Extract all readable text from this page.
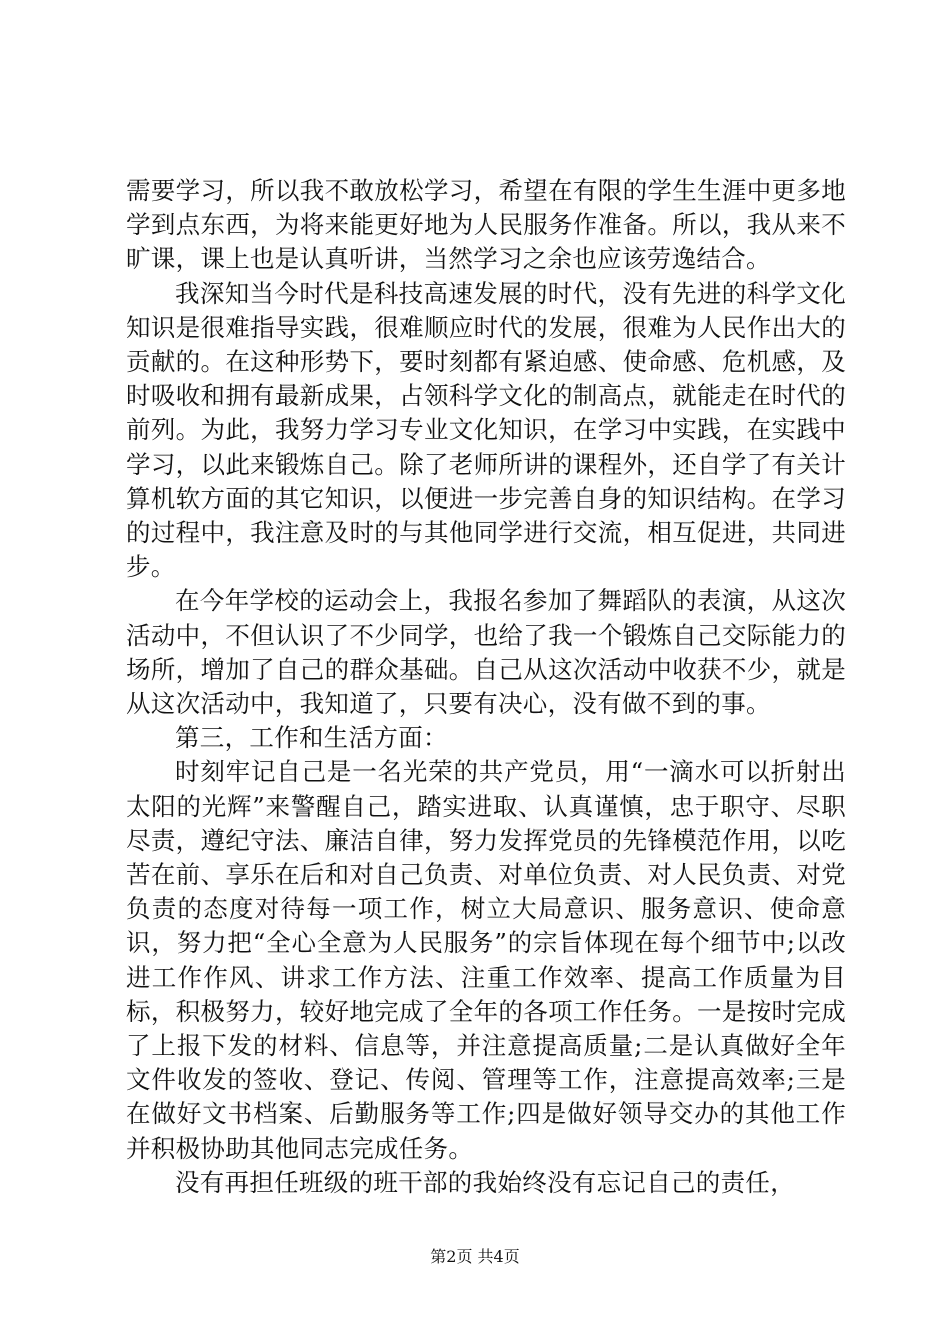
需要学习，所以我不敢放松学习，希望在有限的学生生涯中更多地学到点东西，为将来能更好地为人民服务作准备。所以，我从来不旷课，课上也是认真听讲，当然学习之余也应该劳逸结合。

我深知当今时代是科技高速发展的时代，没有先进的科学文化知识是很难指导实践，很难顺应时代的发展，很难为人民作出大的贡献的。在这种形势下，要时刻都有紧迫感、使命感、危机感，及时吸收和拥有最新成果，占领科学文化的制高点，就能走在时代的前列。为此，我努力学习专业文化知识，在学习中实践，在实践中学习，以此来锻炼自己。除了老师所讲的课程外，还自学了有关计算机软方面的其它知识，以便进一步完善自身的知识结构。在学习的过程中，我注意及时的与其他同学进行交流，相互促进，共同进步。

在今年学校的运动会上，我报名参加了舞蹈队的表演，从这次活动中，不但认识了不少同学，也给了我一个锻炼自己交际能力的场所，增加了自己的群众基础。自己从这次活动中收获不少，就是从这次活动中，我知道了，只要有决心，没有做不到的事。

第三，工作和生活方面：

时刻牢记自己是一名光荣的共产党员，用“一滴水可以折射出太阳的光辉”来警醒自己，踏实进取、认真谨慎，忠于职守、尽职尽责，遵纪守法、廉洁自律，努力发挥党员的先锋模范作用，以吃苦在前、享乐在后和对自己负责、对单位负责、对人民负责、对党负责的态度对待每一项工作，树立大局意识、服务意识、使命意识，努力把“全心全意为人民服务”的宗旨体现在每个细节中;以改进工作作风、讲求工作方法、注重工作效率、提高工作质量为目标，积极努力，较好地完成了全年的各项工作任务。一是按时完成了上报下发的材料、信息等，并注意提高质量;二是认真做好全年文件收发的签收、登记、传阅、管理等工作，注意提高效率;三是在做好文书档案、后勤服务等工作;四是做好领导交办的其他工作并积极协助其他同志完成任务。

没有再担任班级的班干部的我始终没有忘记自己的责任，

第2页 共4页
